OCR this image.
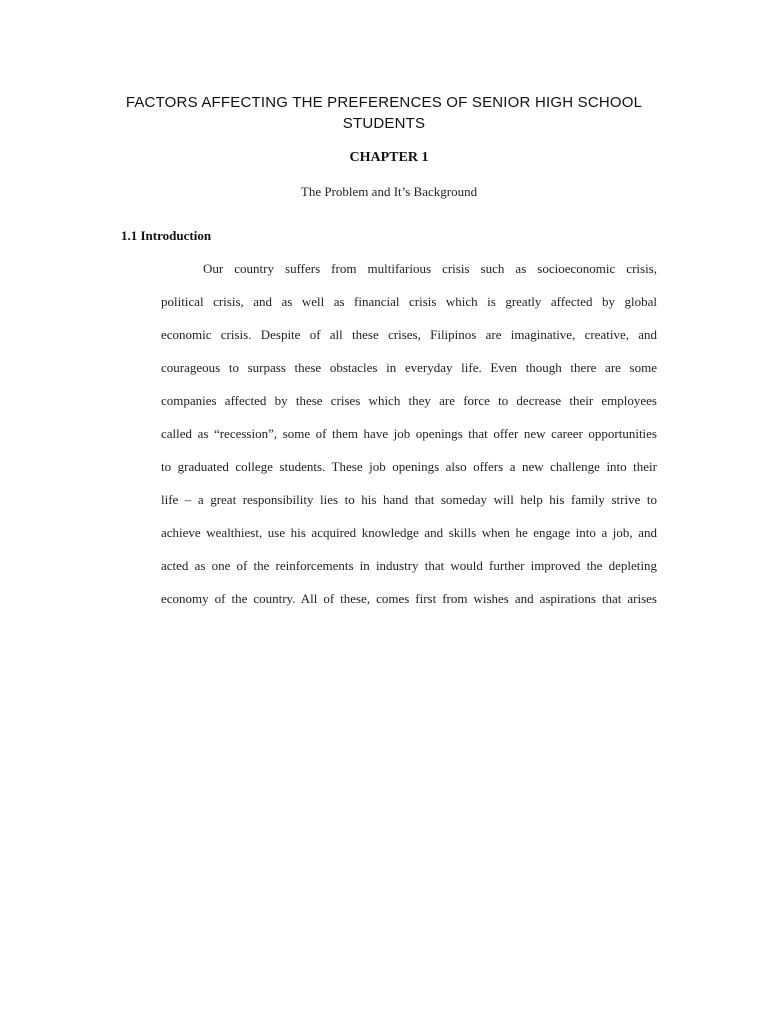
FACTORS AFFECTING THE PREFERENCES OF SENIOR HIGH SCHOOL STUDENTS
CHAPTER 1

The Problem and It’s Background

1.1 Introduction
Our country suffers from multifarious crisis such as socioeconomic crisis,
political crisis, and as well as financial crisis which is greatly affected by global
economic crisis. Despite of all these crises, Filipinos are imaginative, creative, and
courageous to surpass these obstacles in everyday life. Even though there are some
companies affected by these crises which they are force to decrease their employees
called as “recession”, some of them have job openings that offer new career opportunities
to graduated college students. These job openings also offers a new challenge into their
life – a great responsibility lies to his hand that someday will help his family strive to
achieve wealthiest, use his acquired knowledge and skills when he engage into a job, and
acted as one of the reinforcements in industry that would further improved the depleting
economy of the country. All of these, comes first from wishes and aspirations that arises
